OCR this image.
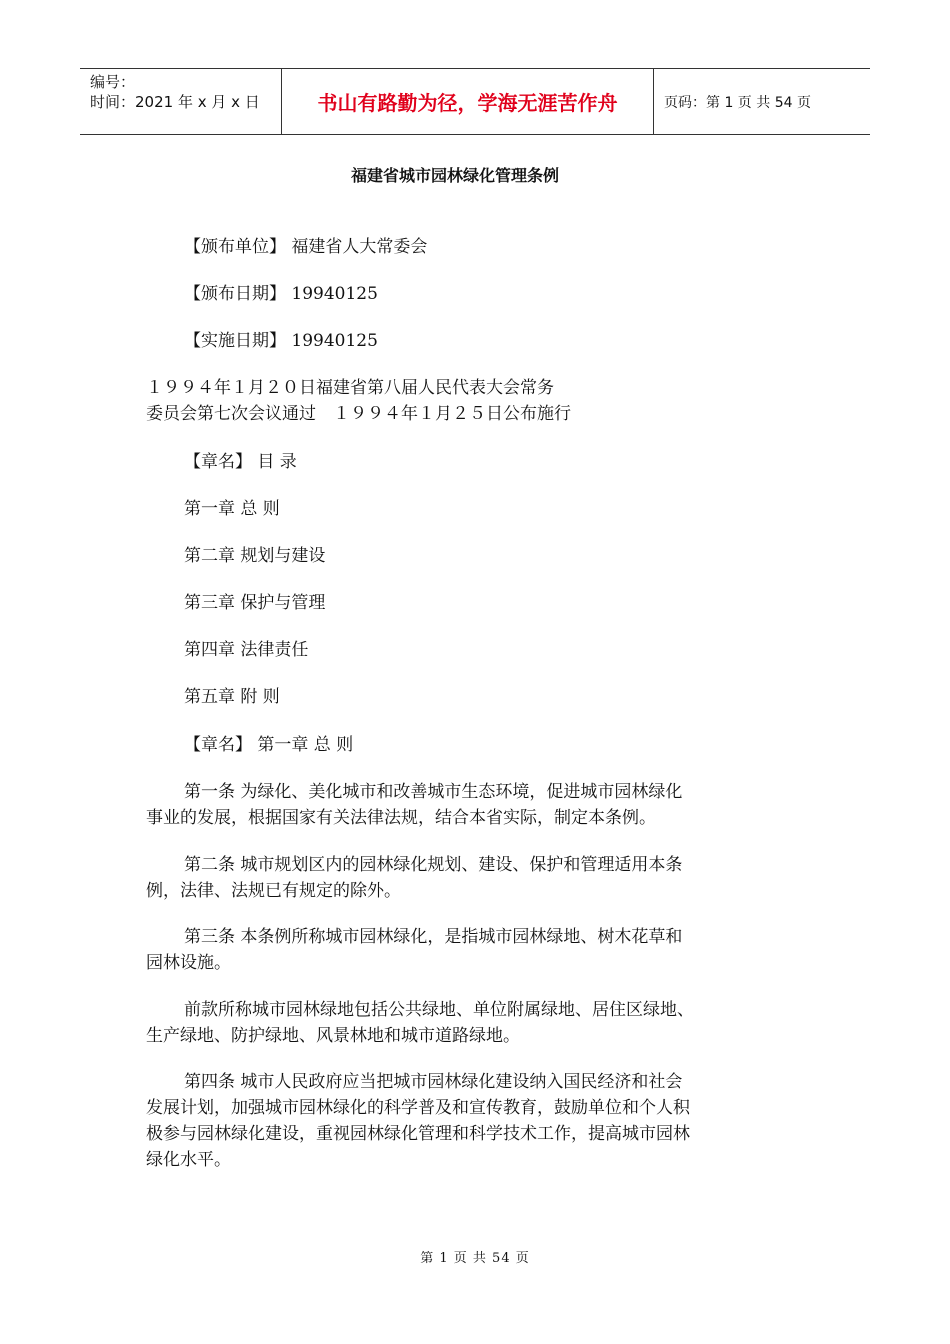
编号：
时间：2021 年 x 月 x 日	书山有路勤为径，学海无涯苦作舟	页码：第 1 页 共 54 页
福建省城市园林绿化管理条例
【颁布单位】 福建省人大常委会
【颁布日期】 19940125
【实施日期】 19940125
１９９４年１月２０日福建省第八届人民代表大会常务
委员会第七次会议通过　１９９４年１月２５日公布施行
【章名】 目 录
第一章 总 则
第二章 规划与建设
第三章 保护与管理
第四章 法律责任
第五章 附 则
【章名】 第一章 总 则
第一条 为绿化、美化城市和改善城市生态环境，促进城市园林绿化
事业的发展，根据国家有关法律法规，结合本省实际，制定本条例。
第二条 城市规划区内的园林绿化规划、建设、保护和管理适用本条
例，法律、法规已有规定的除外。
第三条 本条例所称城市园林绿化，是指城市园林绿地、树木花草和
园林设施。
前款所称城市园林绿地包括公共绿地、单位附属绿地、居住区绿地、
生产绿地、防护绿地、风景林地和城市道路绿地。
第四条 城市人民政府应当把城市园林绿化建设纳入国民经济和社会
发展计划，加强城市园林绿化的科学普及和宣传教育，鼓励单位和个人积
极参与园林绿化建设，重视园林绿化管理和科学技术工作，提高城市园林
绿化水平。
第 1 页 共 54 页
